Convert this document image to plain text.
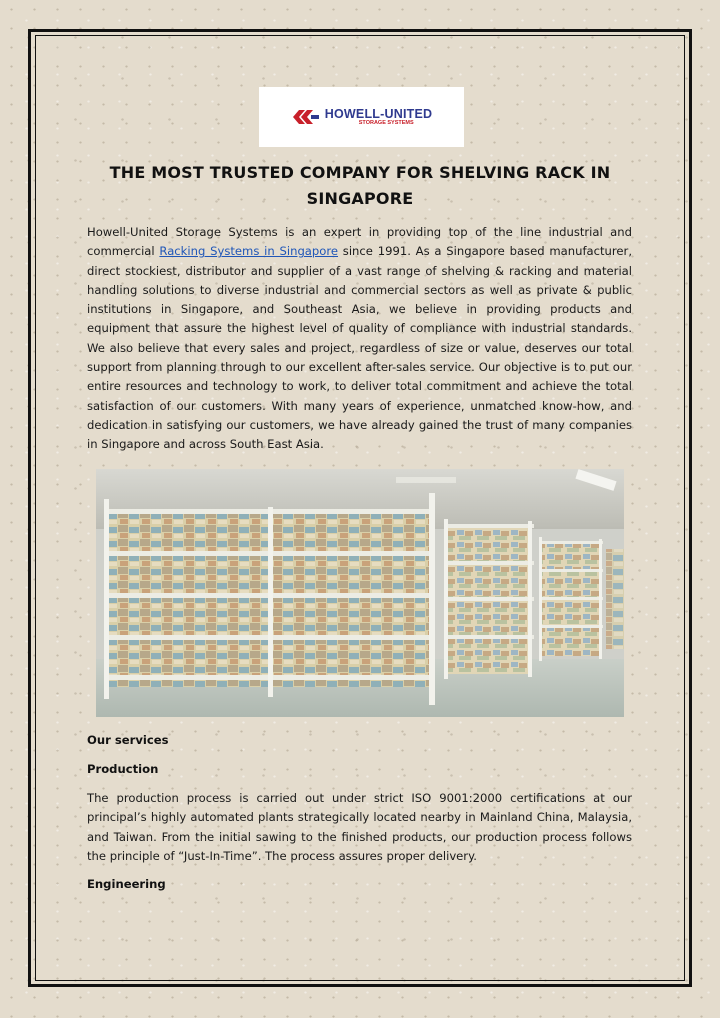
HOWELL-UNITED
STORAGE SYSTEMS
THE MOST TRUSTED COMPANY FOR SHELVING RACK IN SINGAPORE

Howell-United Storage Systems is an expert in providing top of the line industrial and commercial Racking Systems in Singapore since 1991. As a Singapore based manufacturer, direct stockiest, distributor and supplier of a vast range of shelving & racking and material handling solutions to diverse industrial and commercial sectors as well as private & public institutions in Singapore, and Southeast Asia, we believe in providing products and equipment that assure the highest level of quality of compliance with industrial standards. We also believe that every sales and project, regardless of size or value, deserves our total support from planning through to our excellent after-sales service. Our objective is to put our entire resources and technology to work, to deliver total commitment and achieve the total satisfaction of our customers. With many years of experience, unmatched know-how, and dedication in satisfying our customers, we have already gained the trust of many companies in Singapore and across South East Asia.

Our services

Production

The production process is carried out under strict ISO 9001:2000 certifications at our principal’s highly automated plants strategically located nearby in Mainland China, Malaysia, and Taiwan. From the initial sawing to the finished products, our production process follows the principle of “Just-In-Time”. The process assures proper delivery.

Engineering
